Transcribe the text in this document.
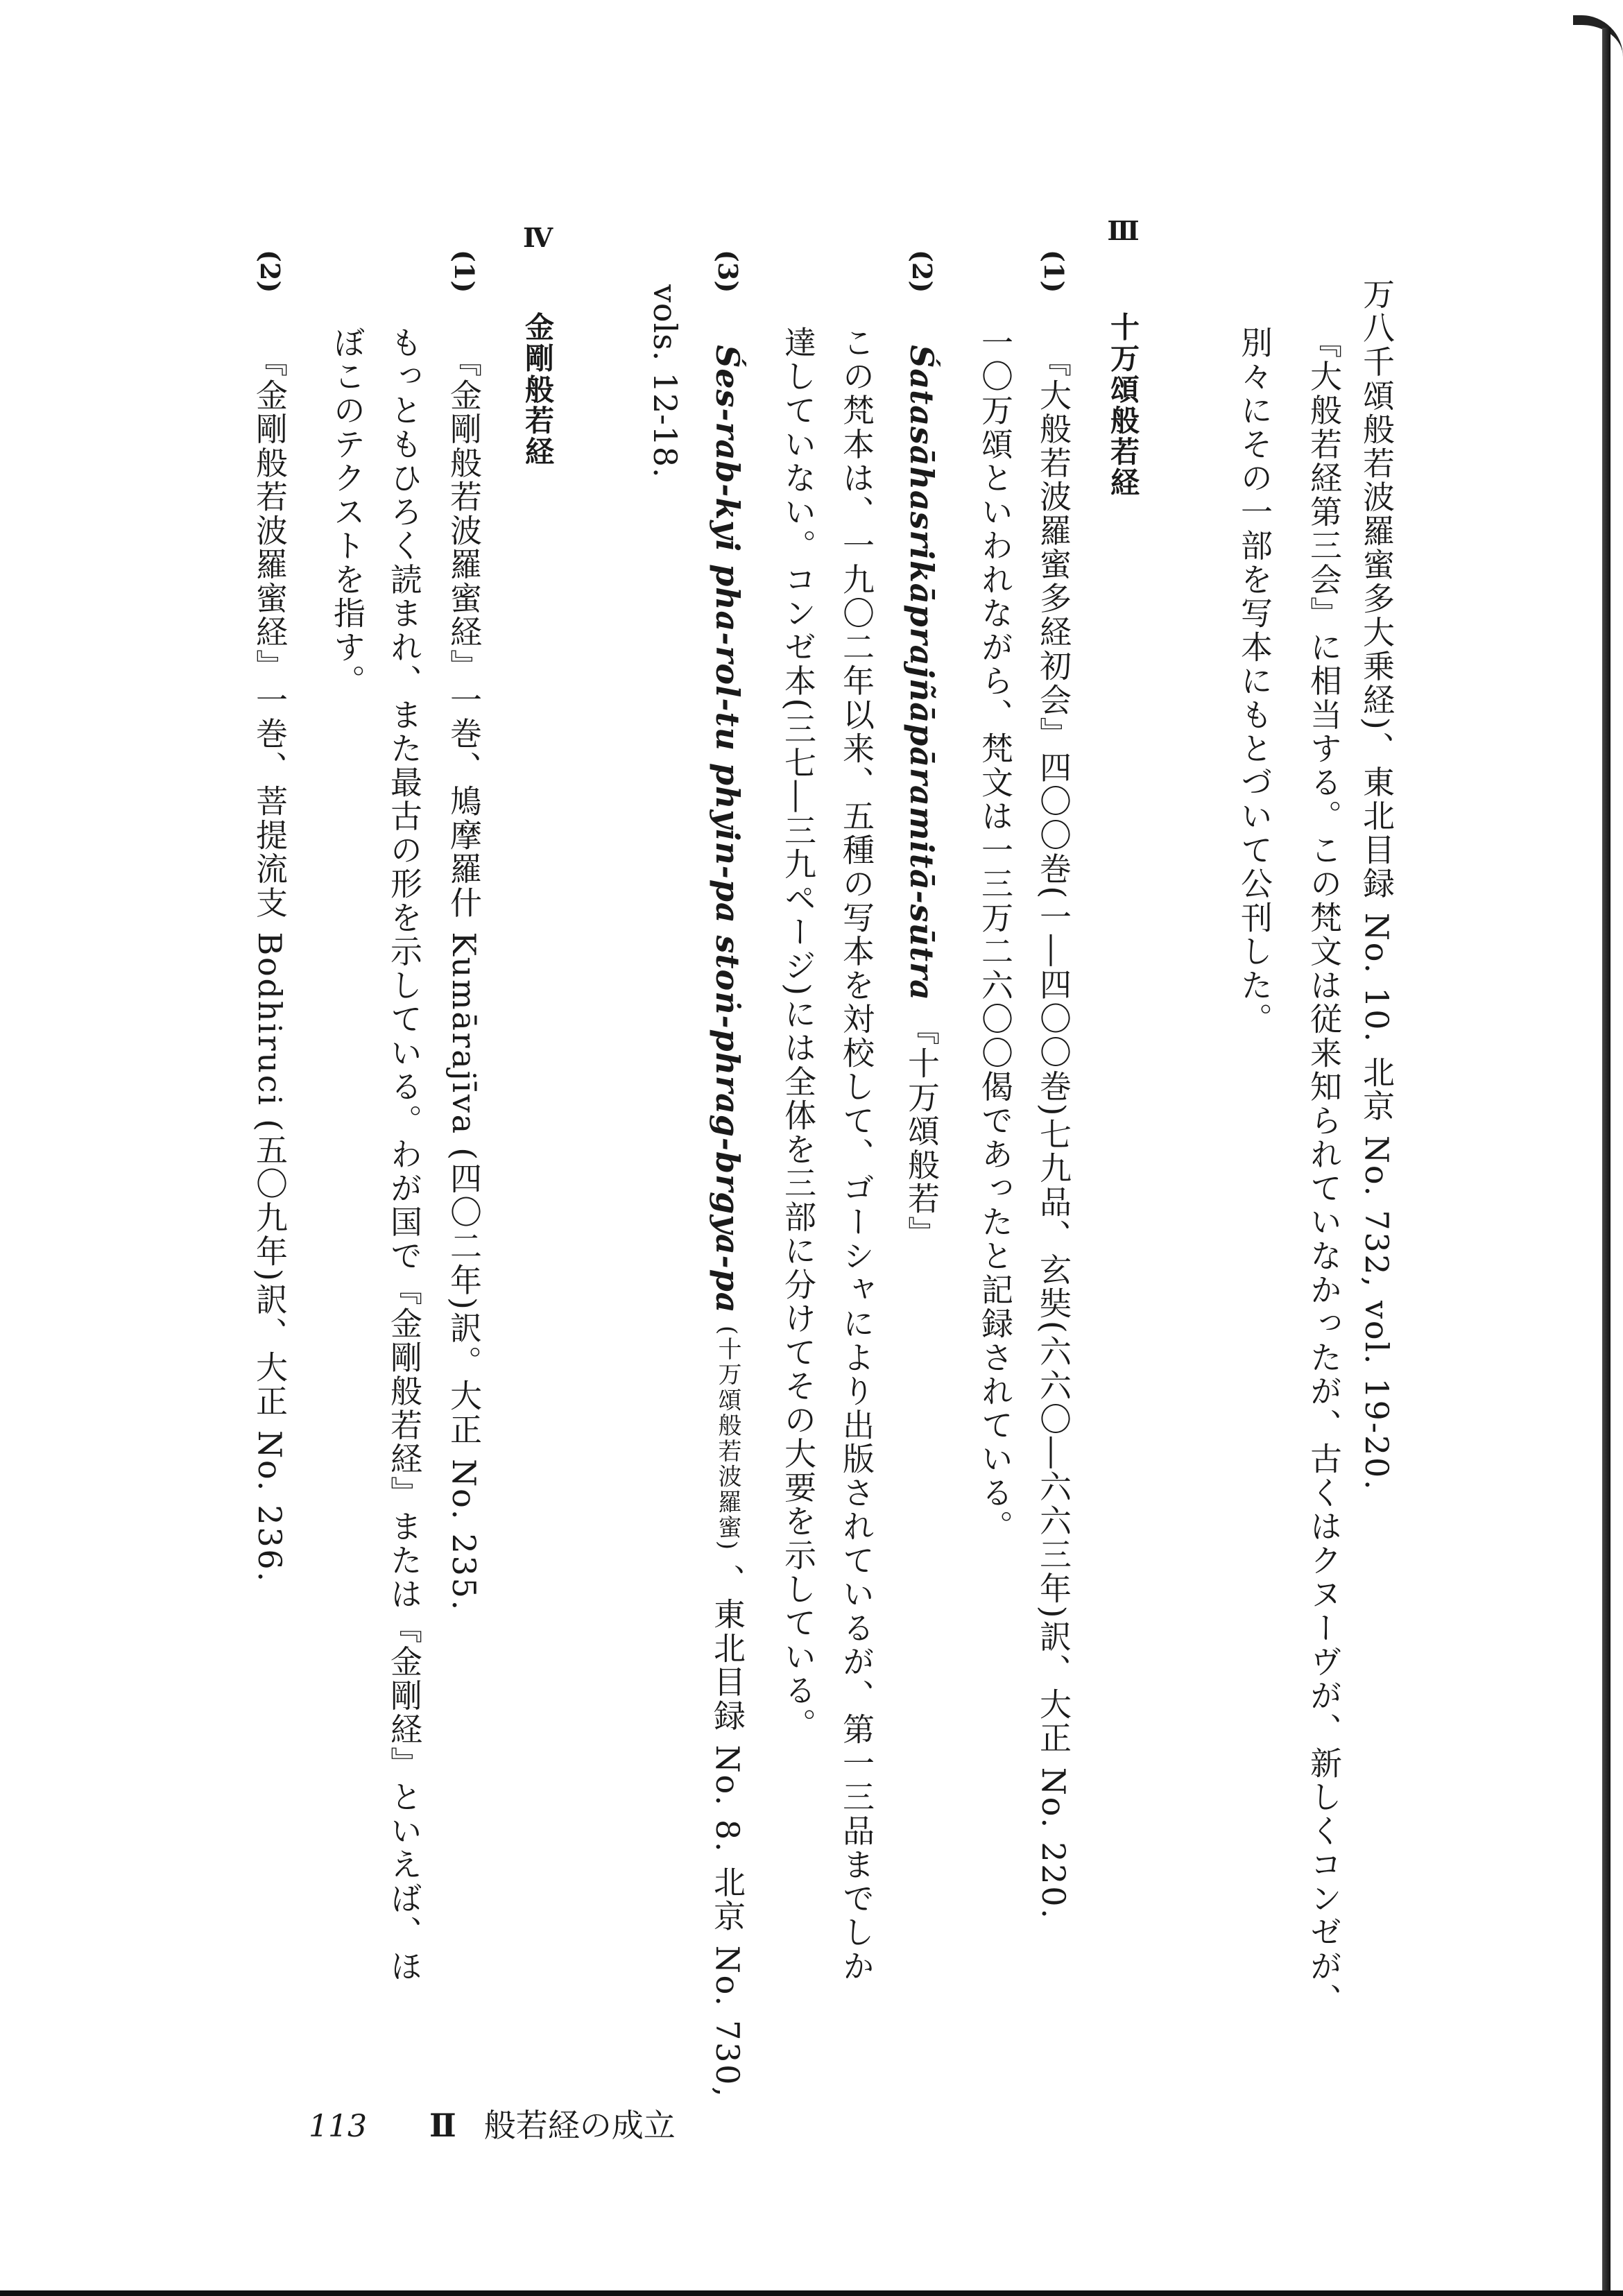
万八千頌般若波羅蜜多大乗経)、東北目録 No. 10. 北京 No. 732, vol. 19-20.
『大般若経第三会』に相当する。この梵文は従来知られていなかったが、古くはクヌーヴが、新しくコンゼが、
別々にその一部を写本にもとづいて公刊した。
Ⅲ  十万頌般若経
(1)  『大般若波羅蜜多経初会』四〇〇巻(一―四〇〇巻)七九品、玄奘(六六〇―六六三年)訳、大正 No. 220.
一〇万頌といわれながら、梵文は一三万二六〇〇偈であったと記録されている。
(2)  Śatasāhasrikāprajñāpāramitā-sūtra 『十万頌般若』
この梵本は、一九〇二年以来、五種の写本を対校して、ゴーシャにより出版されているが、第一三品までしか
達していない。コンゼ本(三七―三九ページ)には全体を三部に分けてその大要を示している。
(3)  Śes-rab-kyi pha-rol-tu phyin-pa stoṅ-phrag-brgya-pa (十万頌般若波羅蜜) 、東北目録 No. 8. 北京 No. 730,
vols. 12-18.
Ⅳ  金剛般若経
(1)  『金剛般若波羅蜜経』一巻、鳩摩羅什 Kumārajīva (四〇二年)訳。大正 No. 235.
もっともひろく読まれ、また最古の形を示している。わが国で『金剛般若経』または『金剛経』といえば、ほ
ぼこのテクストを指す。
(2)  『金剛般若波羅蜜経』一巻、菩提流支 Bodhiruci (五〇九年)訳、大正 No. 236.
113 Ⅱ 般若経の成立
